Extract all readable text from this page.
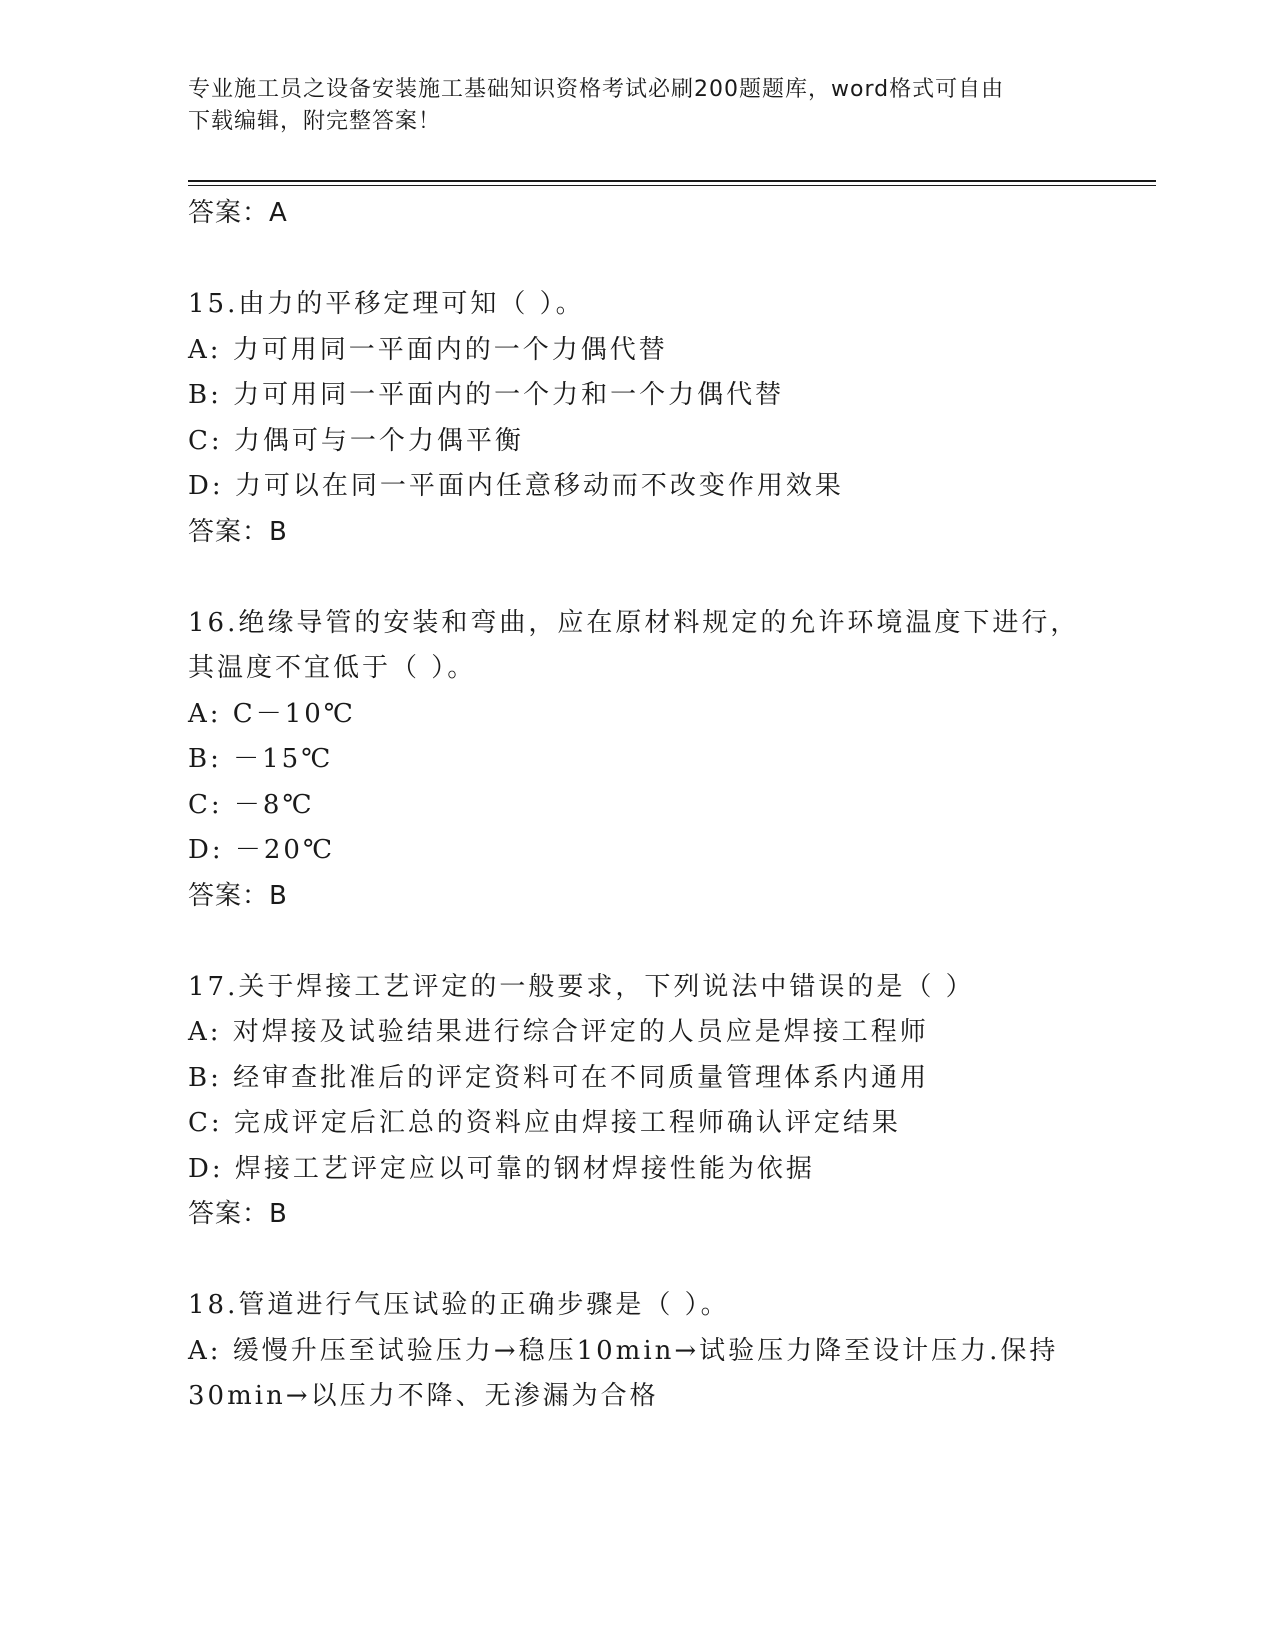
专业施工员之设备安装施工基础知识资格考试必刷200题题库，word格式可自由
下载编辑，附完整答案！
答案：A
15.由力的平移定理可知（ ）。
A: 力可用同一平面内的一个力偶代替
B: 力可用同一平面内的一个力和一个力偶代替
C: 力偶可与一个力偶平衡
D: 力可以在同一平面内任意移动而不改变作用效果
答案：B
16.绝缘导管的安装和弯曲，应在原材料规定的允许环境温度下进行，
其温度不宜低于（ ）。
A: C－10℃
B: －15℃
C: －8℃
D: －20℃
答案：B
17.关于焊接工艺评定的一般要求，下列说法中错误的是（ ）
A: 对焊接及试验结果进行综合评定的人员应是焊接工程师
B: 经审查批准后的评定资料可在不同质量管理体系内通用
C: 完成评定后汇总的资料应由焊接工程师确认评定结果
D: 焊接工艺评定应以可靠的钢材焊接性能为依据
答案：B
18.管道进行气压试验的正确步骤是（ ）。
A: 缓慢升压至试验压力→稳压10min→试验压力降至设计压力.保持
30min→以压力不降、无渗漏为合格
